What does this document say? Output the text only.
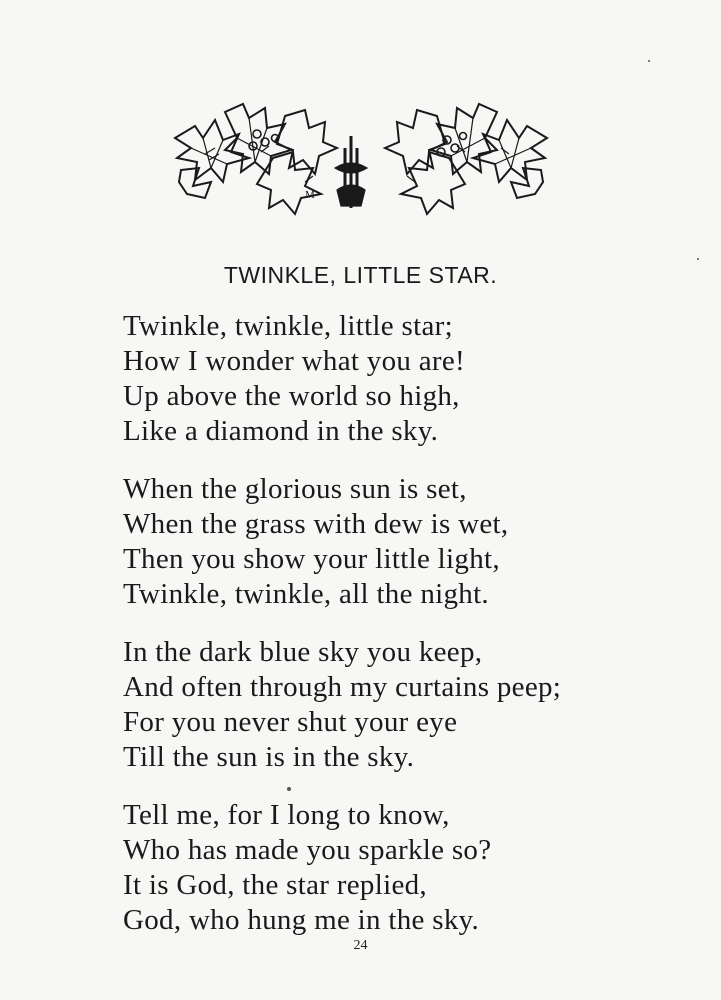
M
TWINKLE, LITTLE STAR.
Twinkle, twinkle, little star;
How I wonder what you are!
Up above the world so high,
Like a diamond in the sky.
When the glorious sun is set,
When the grass with dew is wet,
Then you show your little light,
Twinkle, twinkle, all the night.
In the dark blue sky you keep,
And often through my curtains peep;
For you never shut your eye
Till the sun is in the sky.
Tell me, for I long to know,
Who has made you sparkle so?
It is God, the star replied,
God, who hung me in the sky.
24
